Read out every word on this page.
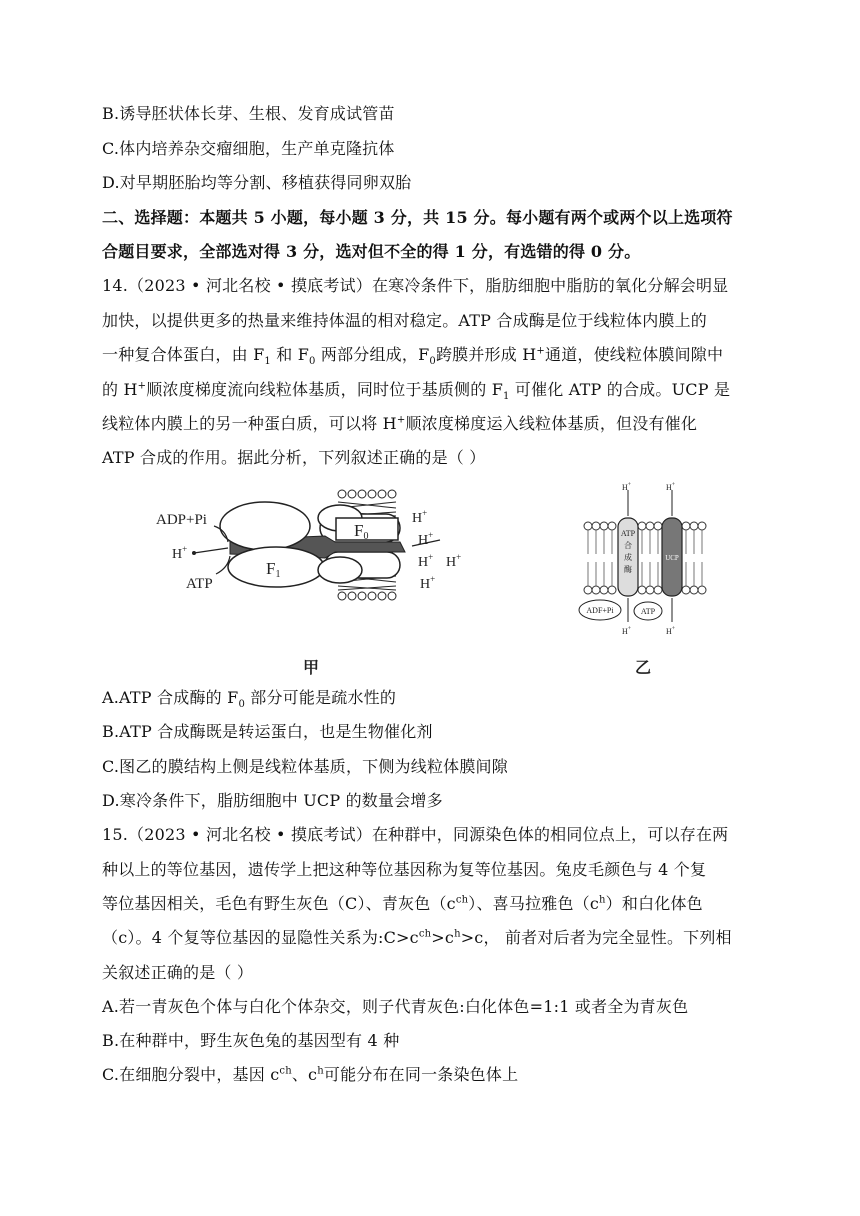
B.诱导胚状体长芽、生根、发育成试管苗
C.体内培养杂交瘤细胞，生产单克隆抗体
D.对早期胚胎均等分割、移植获得同卵双胎
二、选择题：本题共 5 小题，每小题 3 分，共 15 分。每小题有两个或两个以上选项符
合题目要求，全部选对得 3 分，选对但不全的得 1 分，有选错的得 0 分。
14.（2023 • 河北名校 • 摸底考试）在寒冷条件下，脂肪细胞中脂肪的氧化分解会明显
加快，以提供更多的热量来维持体温的相对稳定。ATP 合成酶是位于线粒体内膜上的
一种复合体蛋白，由 $F_1$ 和 $F_0$ 两部分组成，$F_0$跨膜并形成 H+通道，使线粒体膜间隙中
的 H+顺浓度梯度流向线粒体基质，同时位于基质侧的 $F_1$ 可催化 ATP 的合成。UCP 是
线粒体内膜上的另一种蛋白质，可以将 H+顺浓度梯度运入线粒体基质，但没有催化
ATP 合成的作用。据此分析，下列叙述正确的是（ ）
F0
F1
ADP+Pi
H+
ATP
H+
H+
H+ H+
H+
甲
ATP
合
成
酶
UCP
H+	H+
H+	H+
ADF+Pi	ATP
乙
A.ATP 合成酶的 $F_0$ 部分可能是疏水性的
B.ATP 合成酶既是转运蛋白，也是生物催化剂
C.图乙的膜结构上侧是线粒体基质，下侧为线粒体膜间隙
D.寒冷条件下，脂肪细胞中 UCP 的数量会增多
15.（2023 • 河北名校 • 摸底考试）在种群中，同源染色体的相同位点上，可以存在两
种以上的等位基因，遗传学上把这种等位基因称为复等位基因。兔皮毛颜色与 4 个复
等位基因相关，毛色有野生灰色（C）、青灰色$(c^{ch})$、喜马拉雅色$(c^h)$和白化体色
（c）。4 个复等位基因的显隐性关系为$:C>c^{ch}>c^h>c$， 前者对后者为完全显性。下列相
关叙述正确的是（ ）
A.若一青灰色个体与白化个体杂交，则子代青灰色:白化体色=1:1 或者全为青灰色
B.在种群中，野生灰色兔的基因型有 4 种
C.在细胞分裂中，基因 $c^{ch}$、$c^h$可能分布在同一条染色体上
